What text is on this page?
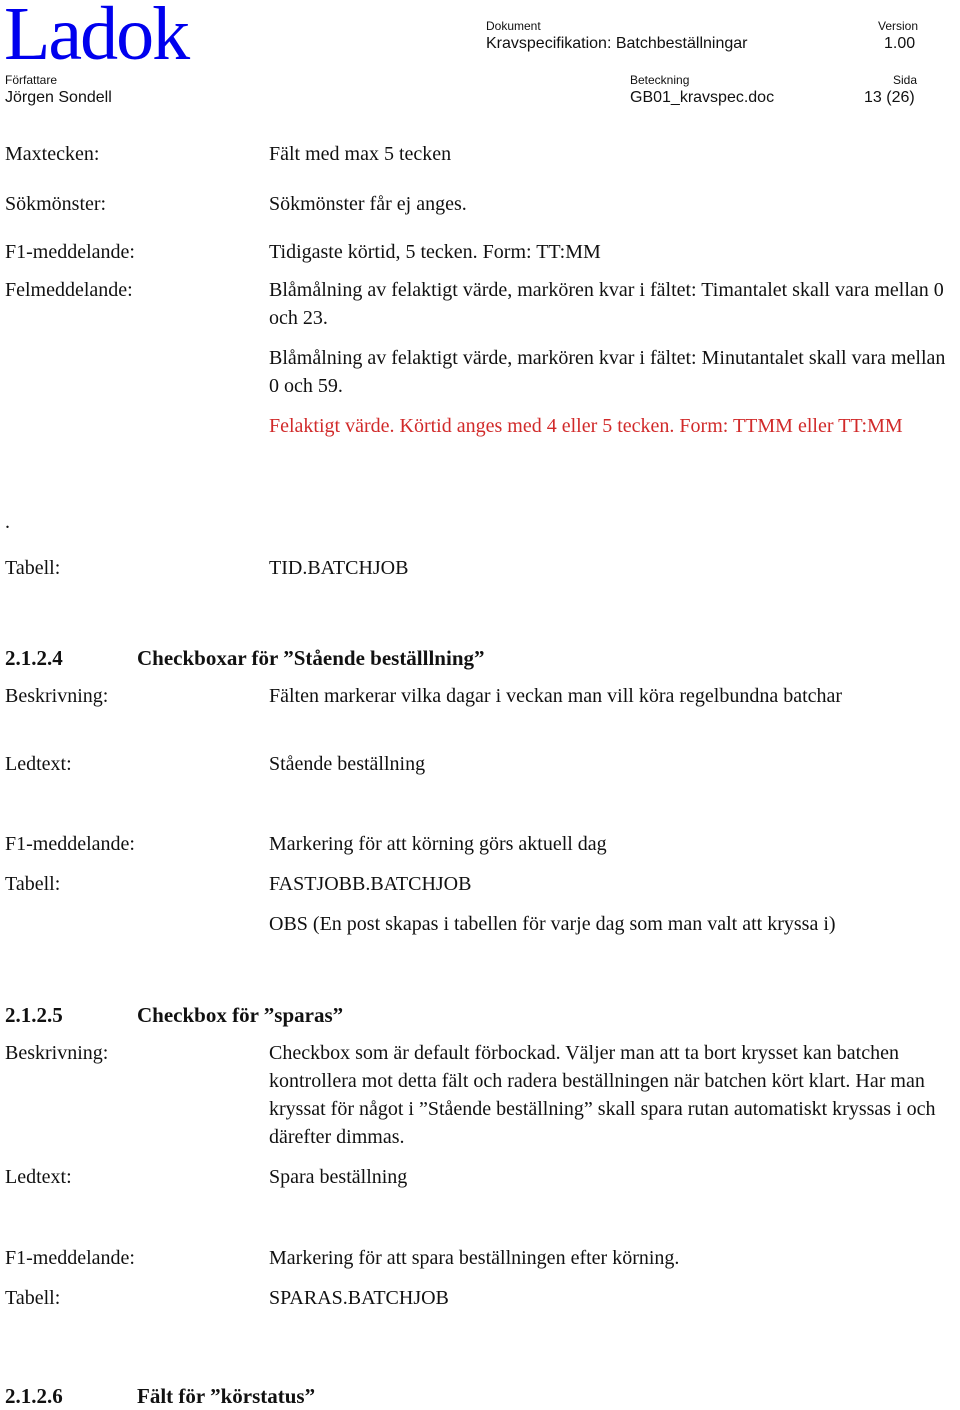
Ladok	Dokument
Kravspecifikation: Batchbeställningar
Version
1.00
Författare
Jörgen Sondell
Beteckning
GB01_kravspec.doc
Sida
13 (26)
Maxtecken:	Fält med max 5 tecken
Sökmönster:	Sökmönster får ej anges.
F1-meddelande:	Tidigaste körtid, 5 tecken. Form: TT:MM
Felmeddelande:	Blåmålning av felaktigt värde, markören kvar i fältet: Timantalet skall vara mellan 0 och 23.
Blåmålning av felaktigt värde, markören kvar i fältet: Minutantalet skall vara mellan 0 och 59.
Felaktigt värde. Körtid anges med 4 eller 5 tecken. Form: TTMM eller TT:MM
.
Tabell:	TID.BATCHJOB
2.1.2.4	Checkboxar för ”Stående beställlning”
Beskrivning:	Fälten markerar vilka dagar i veckan man vill köra regelbundna batchar
Ledtext:	Stående beställning
F1-meddelande:	Markering för att körning görs aktuell dag
Tabell:	FASTJOBB.BATCHJOB
OBS (En post skapas i tabellen för varje dag som man valt att kryssa i)
2.1.2.5	Checkbox för ”sparas”
Beskrivning:	Checkbox som är default förbockad. Väljer man att ta bort krysset kan batchen kontrollera mot detta fält och radera beställningen när batchen kört klart. Har man kryssat för något i ”Stående beställning” skall spara rutan automatiskt kryssas i och därefter dimmas.
Ledtext:	Spara beställning
F1-meddelande:	Markering för att spara beställningen efter körning.
Tabell:	SPARAS.BATCHJOB
2.1.2.6	Fält för ”körstatus”
